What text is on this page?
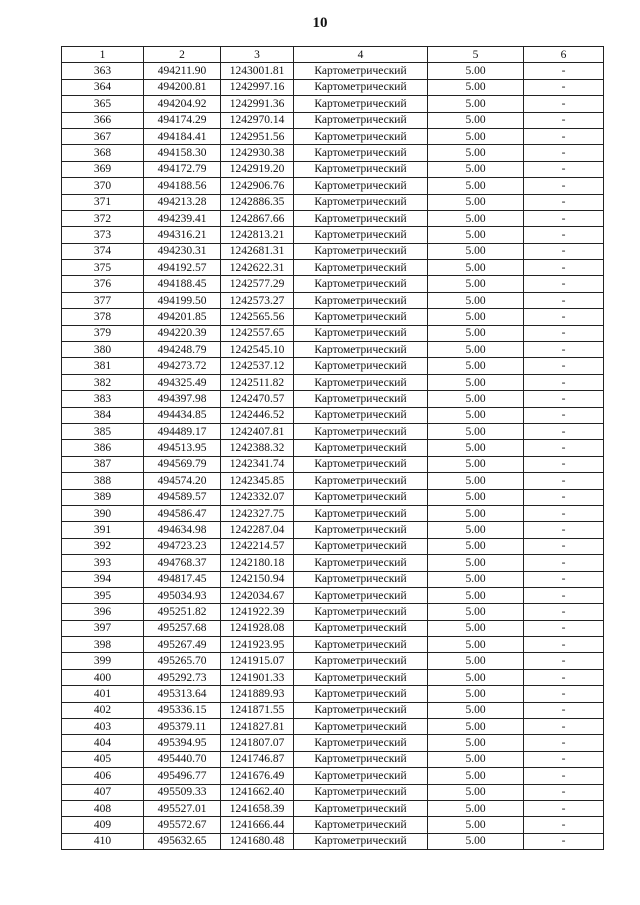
10
1	2	3	4	5	6
363	494211.90	1243001.81	Картометрический	5.00	-
364	494200.81	1242997.16	Картометрический	5.00	-
365	494204.92	1242991.36	Картометрический	5.00	-
366	494174.29	1242970.14	Картометрический	5.00	-
367	494184.41	1242951.56	Картометрический	5.00	-
368	494158.30	1242930.38	Картометрический	5.00	-
369	494172.79	1242919.20	Картометрический	5.00	-
370	494188.56	1242906.76	Картометрический	5.00	-
371	494213.28	1242886.35	Картометрический	5.00	-
372	494239.41	1242867.66	Картометрический	5.00	-
373	494316.21	1242813.21	Картометрический	5.00	-
374	494230.31	1242681.31	Картометрический	5.00	-
375	494192.57	1242622.31	Картометрический	5.00	-
376	494188.45	1242577.29	Картометрический	5.00	-
377	494199.50	1242573.27	Картометрический	5.00	-
378	494201.85	1242565.56	Картометрический	5.00	-
379	494220.39	1242557.65	Картометрический	5.00	-
380	494248.79	1242545.10	Картометрический	5.00	-
381	494273.72	1242537.12	Картометрический	5.00	-
382	494325.49	1242511.82	Картометрический	5.00	-
383	494397.98	1242470.57	Картометрический	5.00	-
384	494434.85	1242446.52	Картометрический	5.00	-
385	494489.17	1242407.81	Картометрический	5.00	-
386	494513.95	1242388.32	Картометрический	5.00	-
387	494569.79	1242341.74	Картометрический	5.00	-
388	494574.20	1242345.85	Картометрический	5.00	-
389	494589.57	1242332.07	Картометрический	5.00	-
390	494586.47	1242327.75	Картометрический	5.00	-
391	494634.98	1242287.04	Картометрический	5.00	-
392	494723.23	1242214.57	Картометрический	5.00	-
393	494768.37	1242180.18	Картометрический	5.00	-
394	494817.45	1242150.94	Картометрический	5.00	-
395	495034.93	1242034.67	Картометрический	5.00	-
396	495251.82	1241922.39	Картометрический	5.00	-
397	495257.68	1241928.08	Картометрический	5.00	-
398	495267.49	1241923.95	Картометрический	5.00	-
399	495265.70	1241915.07	Картометрический	5.00	-
400	495292.73	1241901.33	Картометрический	5.00	-
401	495313.64	1241889.93	Картометрический	5.00	-
402	495336.15	1241871.55	Картометрический	5.00	-
403	495379.11	1241827.81	Картометрический	5.00	-
404	495394.95	1241807.07	Картометрический	5.00	-
405	495440.70	1241746.87	Картометрический	5.00	-
406	495496.77	1241676.49	Картометрический	5.00	-
407	495509.33	1241662.40	Картометрический	5.00	-
408	495527.01	1241658.39	Картометрический	5.00	-
409	495572.67	1241666.44	Картометрический	5.00	-
410	495632.65	1241680.48	Картометрический	5.00	-
